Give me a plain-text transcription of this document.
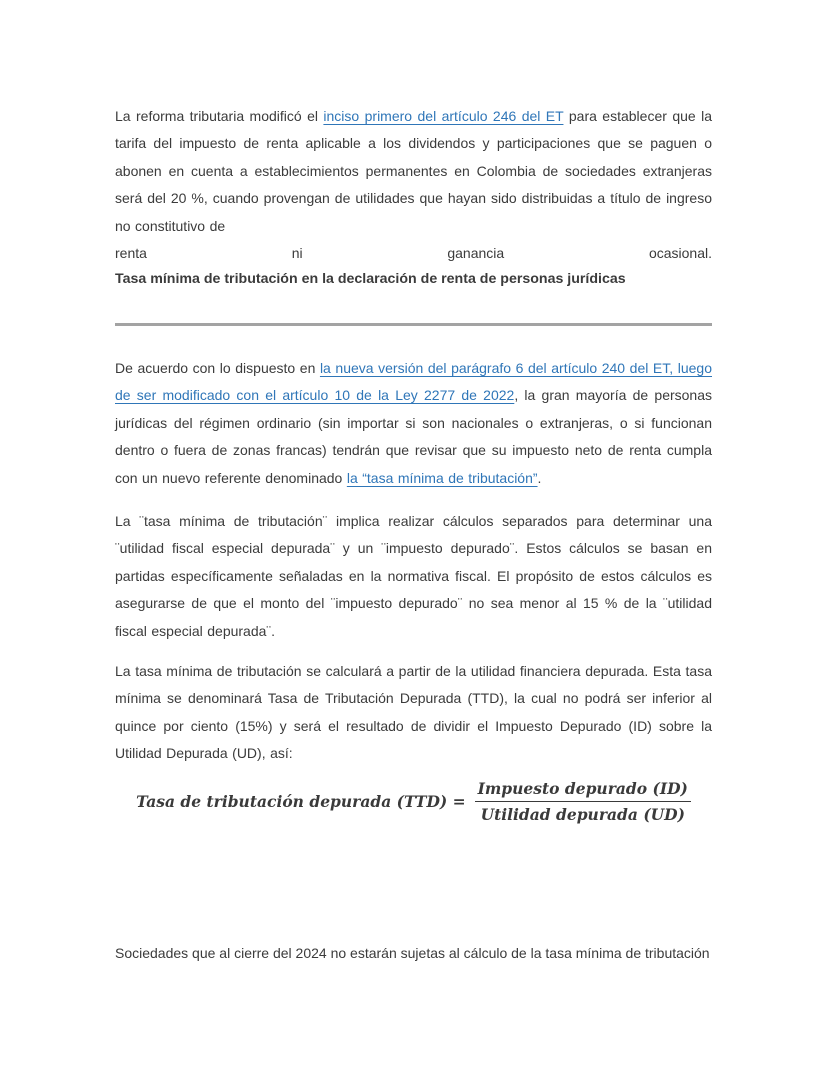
La reforma tributaria modificó el inciso primero del artículo 246 del ET para establecer que la tarifa del impuesto de renta aplicable a los dividendos y participaciones que se paguen o abonen en cuenta a establecimientos permanentes en Colombia de sociedades extranjeras será del 20 %, cuando provengan de utilidades que hayan sido distribuidas a título de ingreso no constitutivo de

renta	ni	ganancia	ocasional.
Tasa mínima de tributación en la declaración de renta de personas jurídicas

De acuerdo con lo dispuesto en la nueva versión del parágrafo 6 del artículo 240 del ET, luego de ser modificado con el artículo 10 de la Ley 2277 de 2022, la gran mayoría de personas jurídicas del régimen ordinario (sin importar si son nacionales o extranjeras, o si funcionan dentro o fuera de zonas francas) tendrán que revisar que su impuesto neto de renta cumpla con un nuevo referente denominado la “tasa mínima de tributación”.

La ¨tasa mínima de tributación¨ implica realizar cálculos separados para determinar una ¨utilidad fiscal especial depurada¨ y un ¨impuesto depurado¨. Estos cálculos se basan en partidas específicamente señaladas en la normativa fiscal. El propósito de estos cálculos es asegurarse de que el monto del ¨impuesto depurado¨ no sea menor al 15 % de la ¨utilidad fiscal especial depurada¨.

La tasa mínima de tributación se calculará a partir de la utilidad financiera depurada. Esta tasa mínima se denominará Tasa de Tributación Depurada (TTD), la cual no podrá ser inferior al quince por ciento (15%) y será el resultado de dividir el Impuesto Depurado (ID) sobre la Utilidad Depurada (UD), así:

Tasa de tributación depurada $(TTD) = \frac{\text{Impuesto depurado (ID)}}{\text{Utilidad depurada (UD)}}$

Sociedades que al cierre del 2024 no estarán sujetas al cálculo de la tasa mínima de tributación
